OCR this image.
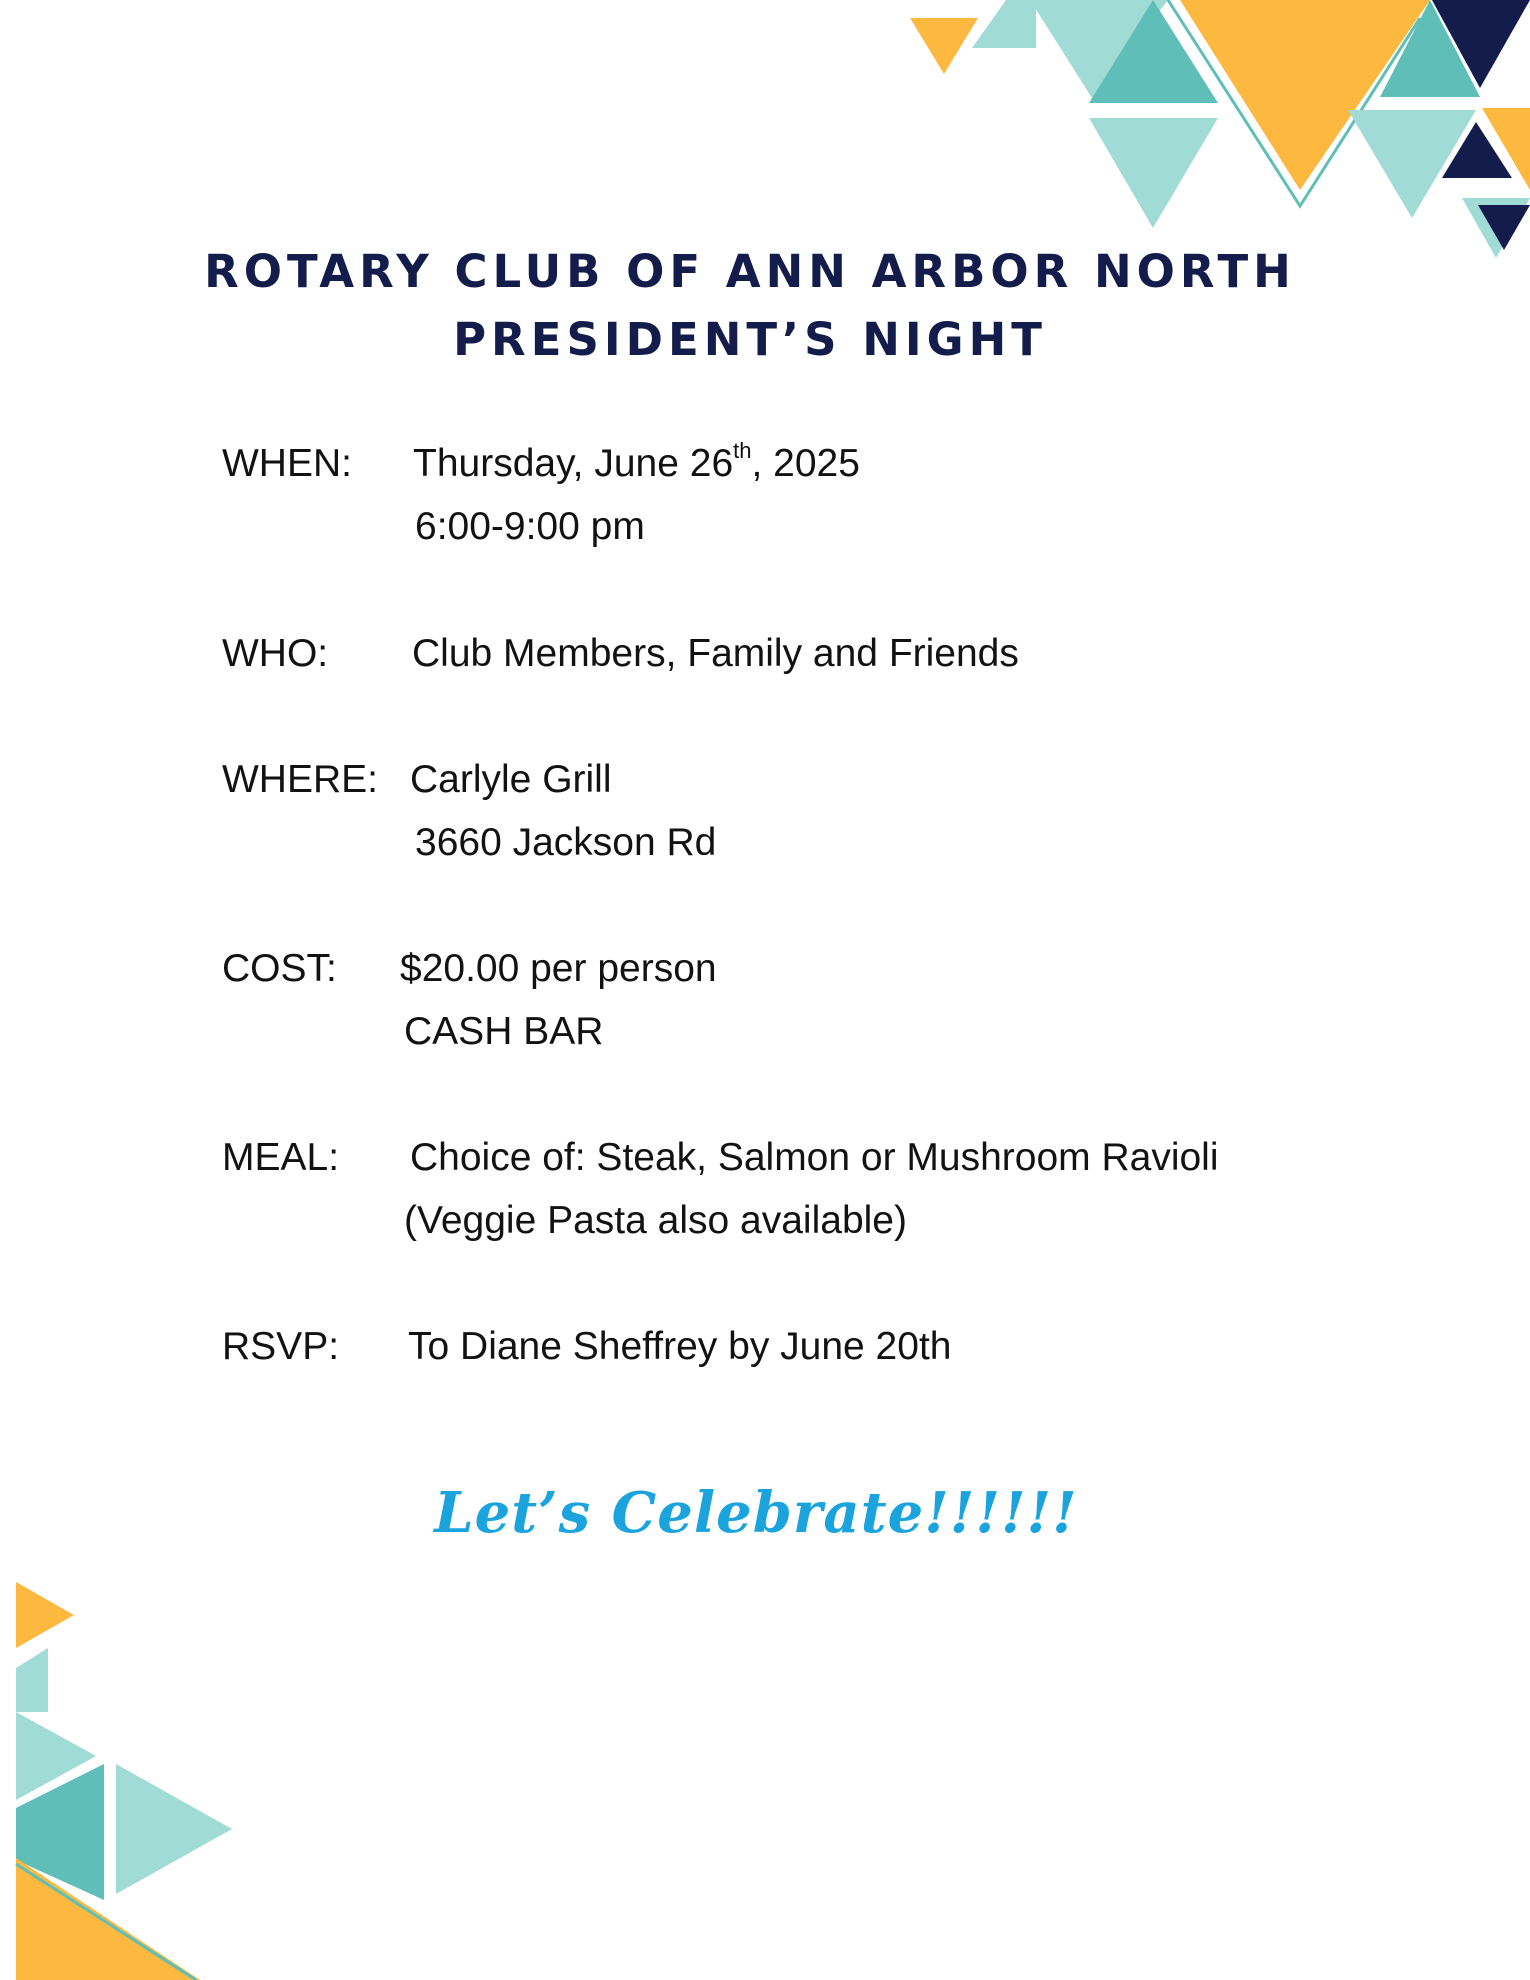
ROTARY CLUB OF ANN ARBOR NORTH
PRESIDENT’S NIGHT
WHEN: Thursday, June 26th, 2025
6:00-9:00 pm
WHO: Club Members, Family and Friends
WHERE: Carlyle Grill
3660 Jackson Rd
COST: $20.00 per person
CASH BAR
MEAL: Choice of: Steak, Salmon or Mushroom Ravioli
(Veggie Pasta also available)
RSVP: To Diane Sheffrey by June 20th
Let’s Celebrate!!!!!!
